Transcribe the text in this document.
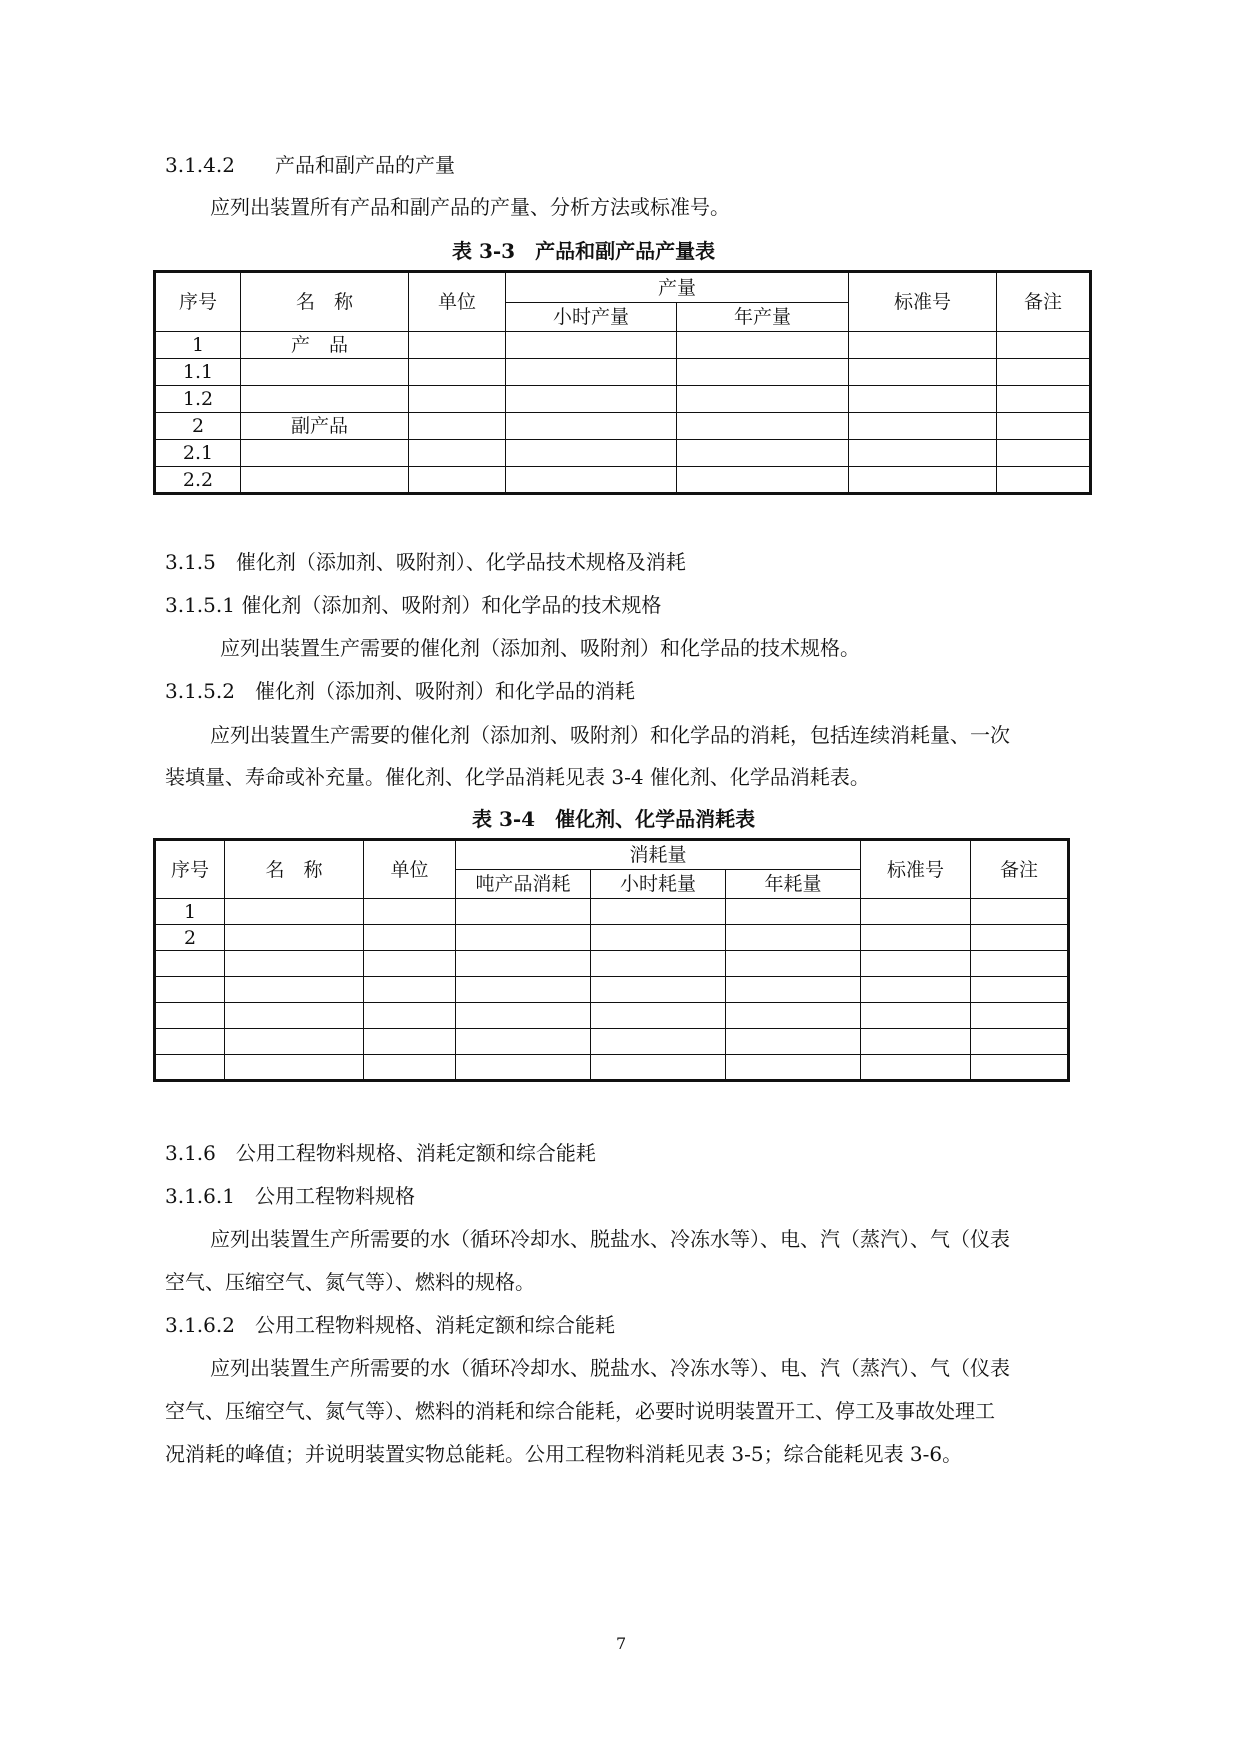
3.1.4.2　　产品和副产品的产量
应列出装置所有产品和副产品的产量、分析方法或标准号。
表 3-3　产品和副产品产量表
序号	名　称	单位	产量		标准号	备注
			小时产量	年产量		
1	产　品					
1.1						
1.2						
2	副产品					
2.1						
2.2						
3.1.5　催化剂（添加剂、吸附剂）、化学品技术规格及消耗
3.1.5.1 催化剂（添加剂、吸附剂）和化学品的技术规格
应列出装置生产需要的催化剂（添加剂、吸附剂）和化学品的技术规格。
3.1.5.2　催化剂（添加剂、吸附剂）和化学品的消耗
应列出装置生产需要的催化剂（添加剂、吸附剂）和化学品的消耗，包括连续消耗量、一次
装填量、寿命或补充量。催化剂、化学品消耗见表 3-4 催化剂、化学品消耗表。
表 3-4　催化剂、化学品消耗表
序号	名　称	单位	消耗量			标准号	备注
			吨产品消耗	小时耗量	年耗量		
1							
2							

3.1.6　公用工程物料规格、消耗定额和综合能耗
3.1.6.1　公用工程物料规格
应列出装置生产所需要的水（循环冷却水、脱盐水、冷冻水等）、电、汽（蒸汽）、气（仪表
空气、压缩空气、氮气等）、燃料的规格。
3.1.6.2　公用工程物料规格、消耗定额和综合能耗
应列出装置生产所需要的水（循环冷却水、脱盐水、冷冻水等）、电、汽（蒸汽）、气（仪表
空气、压缩空气、氮气等）、燃料的消耗和综合能耗，必要时说明装置开工、停工及事故处理工
况消耗的峰值；并说明装置实物总能耗。公用工程物料消耗见表 3-5；综合能耗见表 3-6。
7
